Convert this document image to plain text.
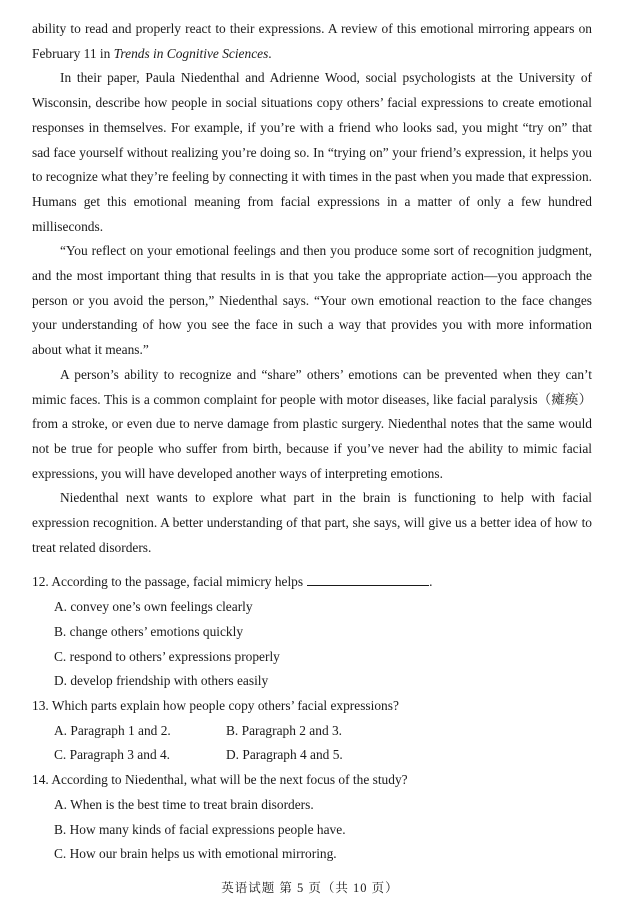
ability to read and properly react to their expressions. A review of this emotional mirroring appears on February 11 in Trends in Cognitive Sciences.

In their paper, Paula Niedenthal and Adrienne Wood, social psychologists at the University of Wisconsin, describe how people in social situations copy others’ facial expressions to create emotional responses in themselves. For example, if you’re with a friend who looks sad, you might “try on” that sad face yourself without realizing you’re doing so. In “trying on” your friend’s expression, it helps you to recognize what they’re feeling by connecting it with times in the past when you made that expression. Humans get this emotional meaning from facial expressions in a matter of only a few hundred milliseconds.

“You reflect on your emotional feelings and then you produce some sort of recognition judgment, and the most important thing that results in is that you take the appropriate action—you approach the person or you avoid the person,” Niedenthal says. “Your own emotional reaction to the face changes your understanding of how you see the face in such a way that provides you with more information about what it means.”

A person’s ability to recognize and “share” others’ emotions can be prevented when they can’t mimic faces. This is a common complaint for people with motor diseases, like facial paralysis（瘫痪）from a stroke, or even due to nerve damage from plastic surgery. Niedenthal notes that the same would not be true for people who suffer from birth, because if you’ve never had the ability to mimic facial expressions, you will have developed another ways of interpreting emotions.

Niedenthal next wants to explore what part in the brain is functioning to help with facial expression recognition. A better understanding of that part, she says, will give us a better idea of how to treat related disorders.

12. According to the passage, facial mimicry helps	.

A. convey one’s own feelings clearly

B. change others’ emotions quickly

C. respond to others’ expressions properly

D. develop friendship with others easily

13. Which parts explain how people copy others’ facial expressions?

A. Paragraph 1 and 2.	B. Paragraph 2 and 3.
C. Paragraph 3 and 4.	D. Paragraph 4 and 5.

14. According to Niedenthal, what will be the next focus of the study?

A. When is the best time to treat brain disorders.

B. How many kinds of facial expressions people have.

C. How our brain helps us with emotional mirroring.

英语试题 第 5 页（共 10 页）
